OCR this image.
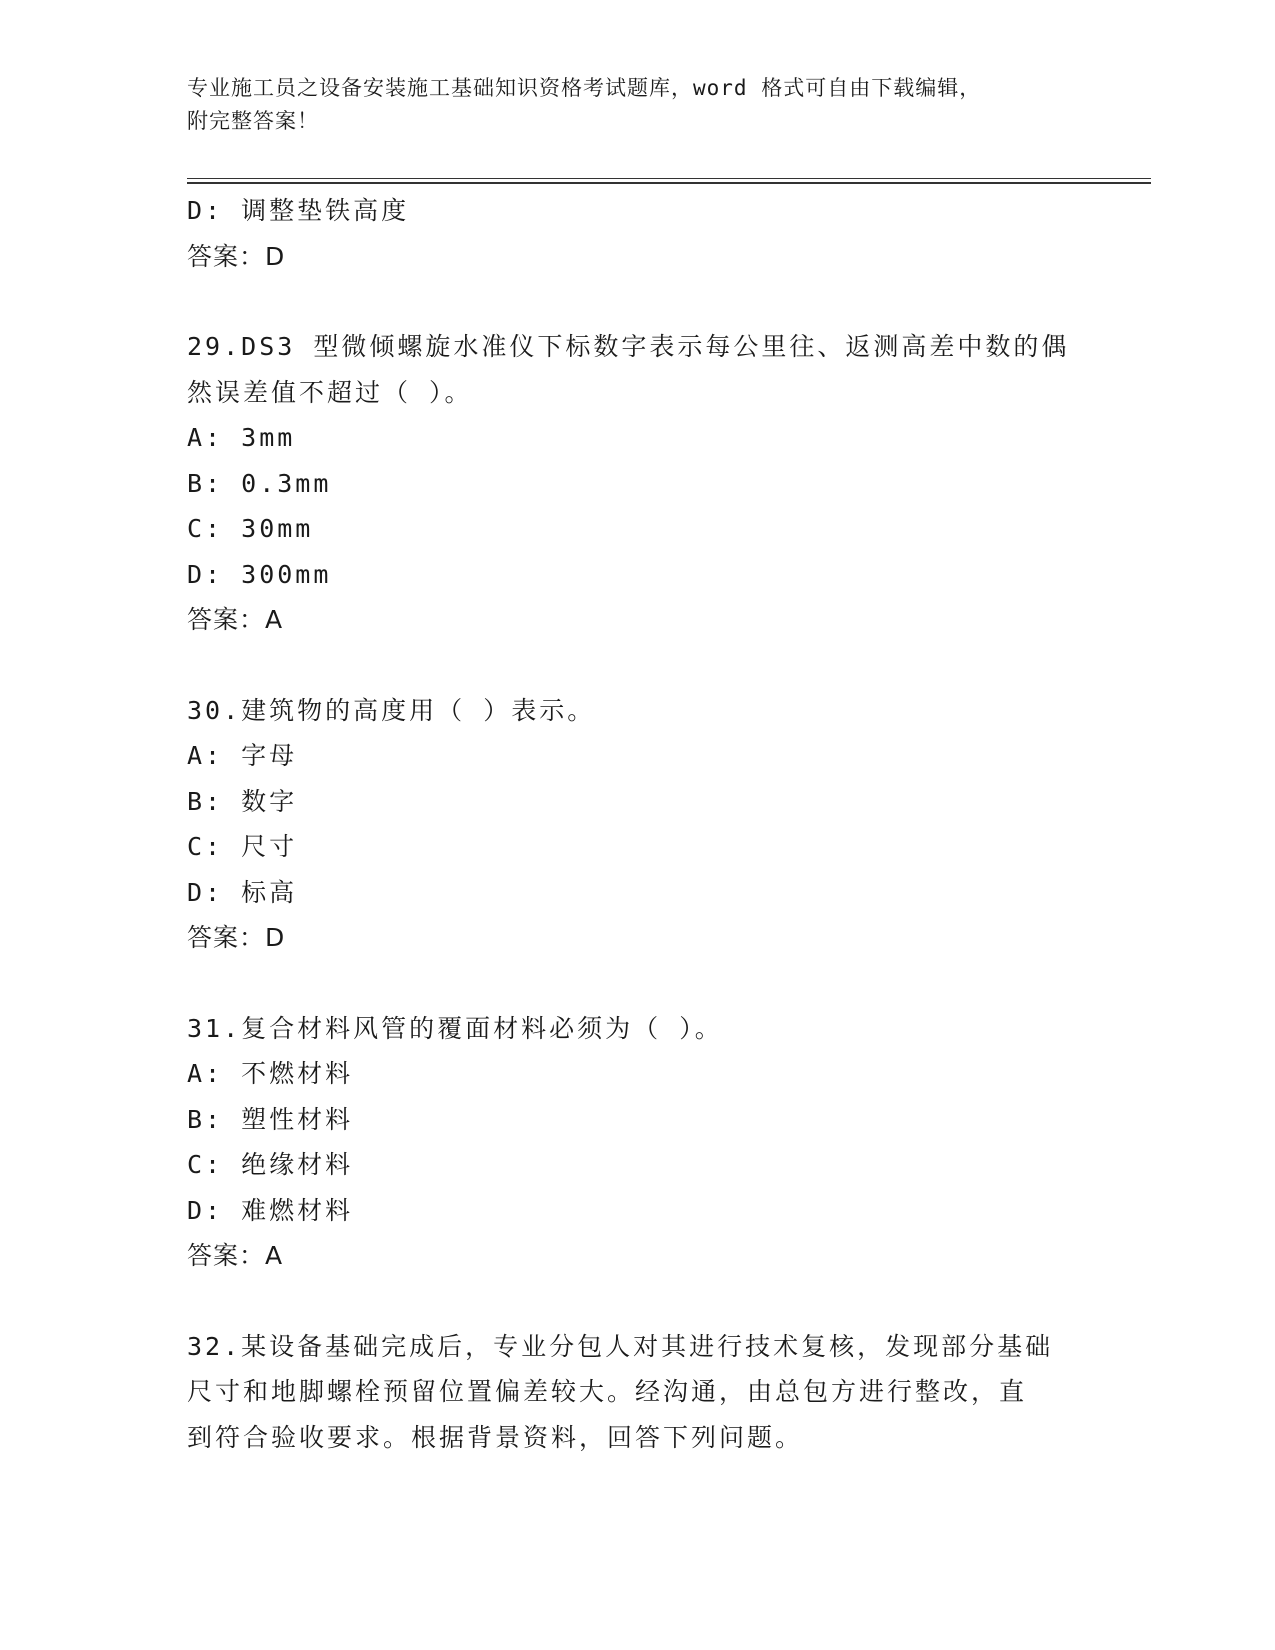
专业施工员之设备安装施工基础知识资格考试题库，word 格式可自由下载编辑，
附完整答案！
D: 调整垫铁高度
答案：D
29.DS3 型微倾螺旋水准仪下标数字表示每公里往、返测高差中数的偶
然误差值不超过（ ）。
A: 3mm
B: 0.3mm
C: 30mm
D: 300mm
答案：A
30.建筑物的高度用（ ）表示。
A: 字母
B: 数字
C: 尺寸
D: 标高
答案：D
31.复合材料风管的覆面材料必须为（ ）。
A: 不燃材料
B: 塑性材料
C: 绝缘材料
D: 难燃材料
答案：A
32.某设备基础完成后，专业分包人对其进行技术复核，发现部分基础
尺寸和地脚螺栓预留位置偏差较大。经沟通，由总包方进行整改，直
到符合验收要求。根据背景资料，回答下列问题。
